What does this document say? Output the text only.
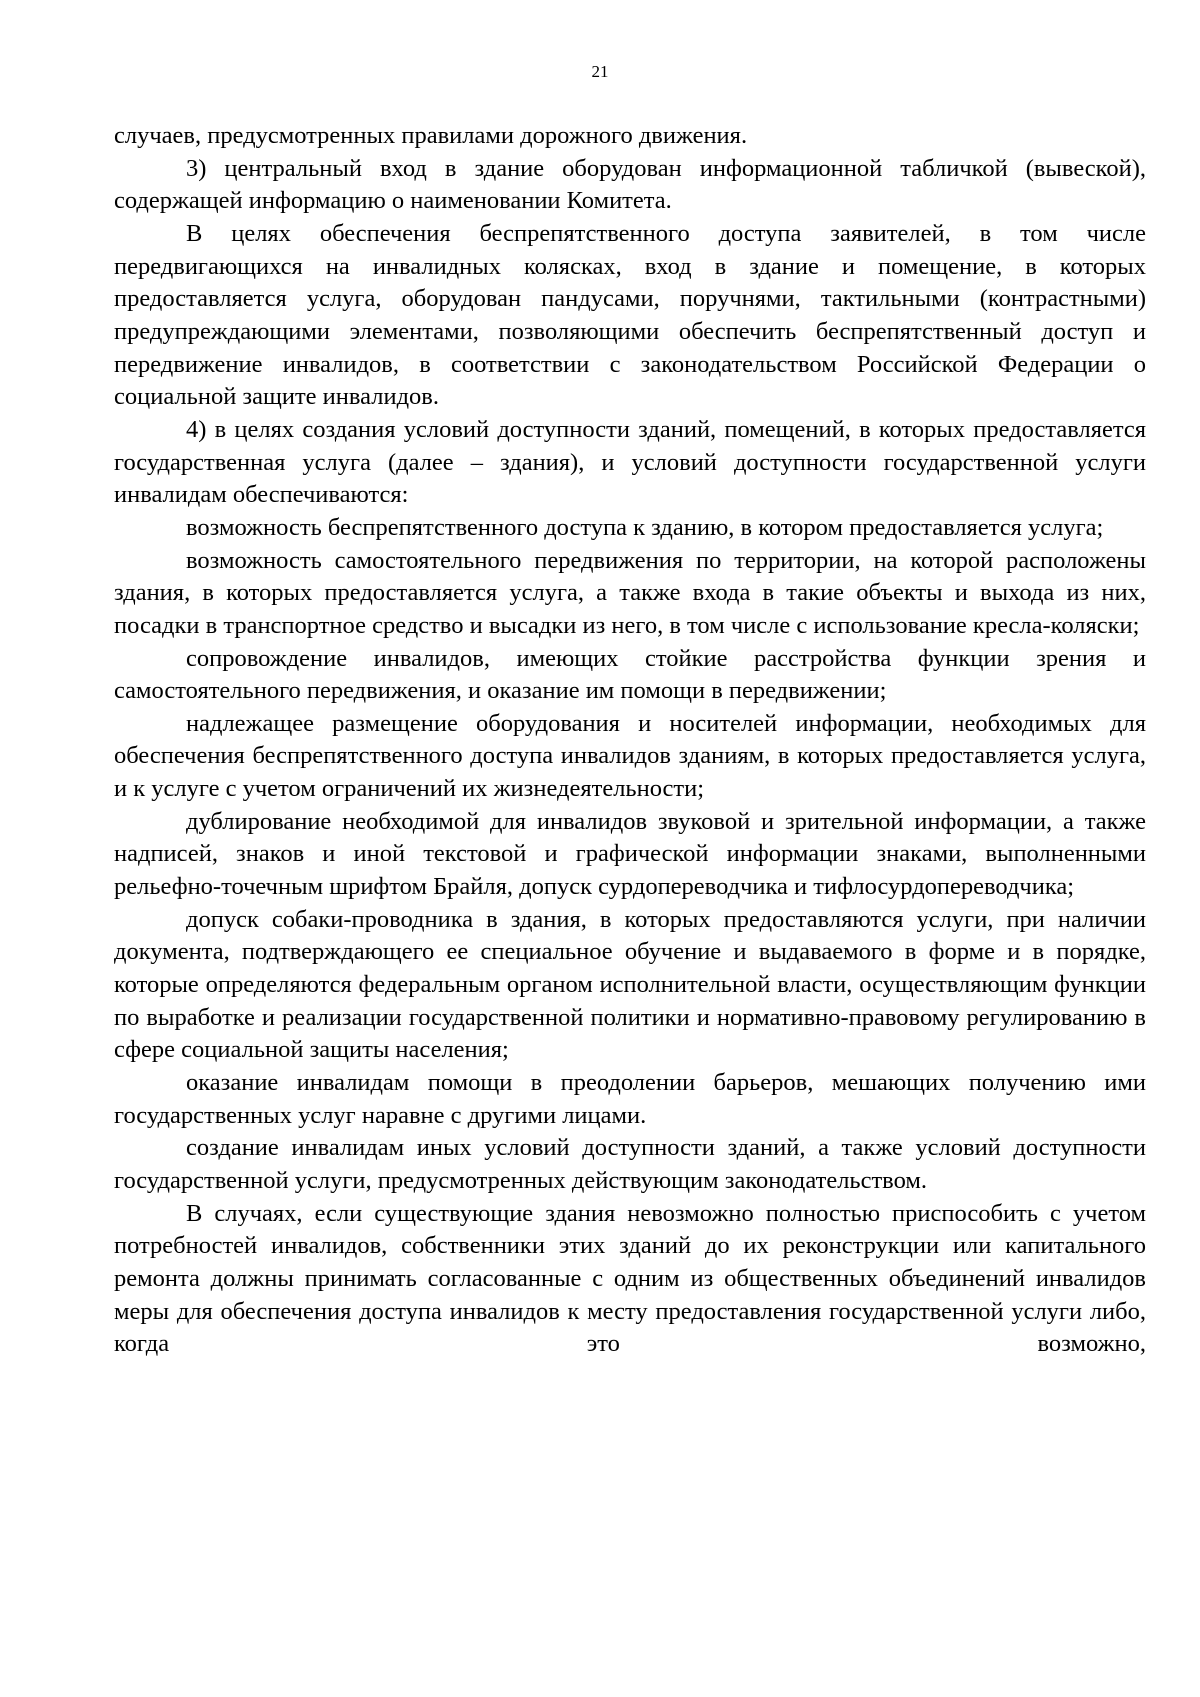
21

случаев, предусмотренных правилами дорожного движения.

3) центральный вход в здание оборудован информационной табличкой (вывеской), содержащей информацию о наименовании Комитета.

В целях обеспечения беспрепятственного доступа заявителей, в том числе передвигающихся на инвалидных колясках, вход в здание и помещение, в которых предоставляется услуга, оборудован пандусами, поручнями, тактильными (контрастными) предупреждающими элементами, позволяющими обеспечить беспрепятственный доступ и передвижение инвалидов, в соответствии с законодательством Российской Федерации о социальной защите инвалидов.

4) в целях создания условий доступности зданий, помещений, в которых предоставляется государственная услуга (далее – здания), и условий доступности государственной услуги инвалидам обеспечиваются:

возможность беспрепятственного доступа к зданию, в котором предоставляется услуга;

возможность самостоятельного передвижения по территории, на которой расположены здания, в которых предоставляется услуга, а также входа в такие объекты и выхода из них, посадки в транспортное средство и высадки из него, в том числе с использование кресла-коляски;

сопровождение инвалидов, имеющих стойкие расстройства функции зрения и самостоятельного передвижения, и оказание им помощи в передвижении;

надлежащее размещение оборудования и носителей информации, необходимых для обеспечения беспрепятственного доступа инвалидов зданиям, в которых предоставляется услуга, и к услуге с учетом ограничений их жизнедеятельности;

дублирование необходимой для инвалидов звуковой и зрительной информации, а также надписей, знаков и иной текстовой и графической информации знаками, выполненными рельефно-точечным шрифтом Брайля, допуск сурдопереводчика и тифлосурдопереводчика;

допуск собаки-проводника в здания, в которых предоставляются услуги, при наличии документа, подтверждающего ее специальное обучение и выдаваемого в форме и в порядке, которые определяются федеральным органом исполнительной власти, осуществляющим функции по выработке и реализации государственной политики и нормативно-правовому регулированию в сфере социальной защиты населения;

оказание инвалидам помощи в преодолении барьеров, мешающих получению ими государственных услуг наравне с другими лицами.

создание инвалидам иных условий доступности зданий, а также условий доступности государственной услуги, предусмотренных действующим законодательством.

В случаях, если существующие здания невозможно полностью приспособить с учетом потребностей инвалидов, собственники этих зданий до их реконструкции или капитального ремонта должны принимать согласованные с одним из общественных объединений инвалидов меры для обеспечения доступа инвалидов к месту предоставления государственной услуги либо, когда это возможно,
